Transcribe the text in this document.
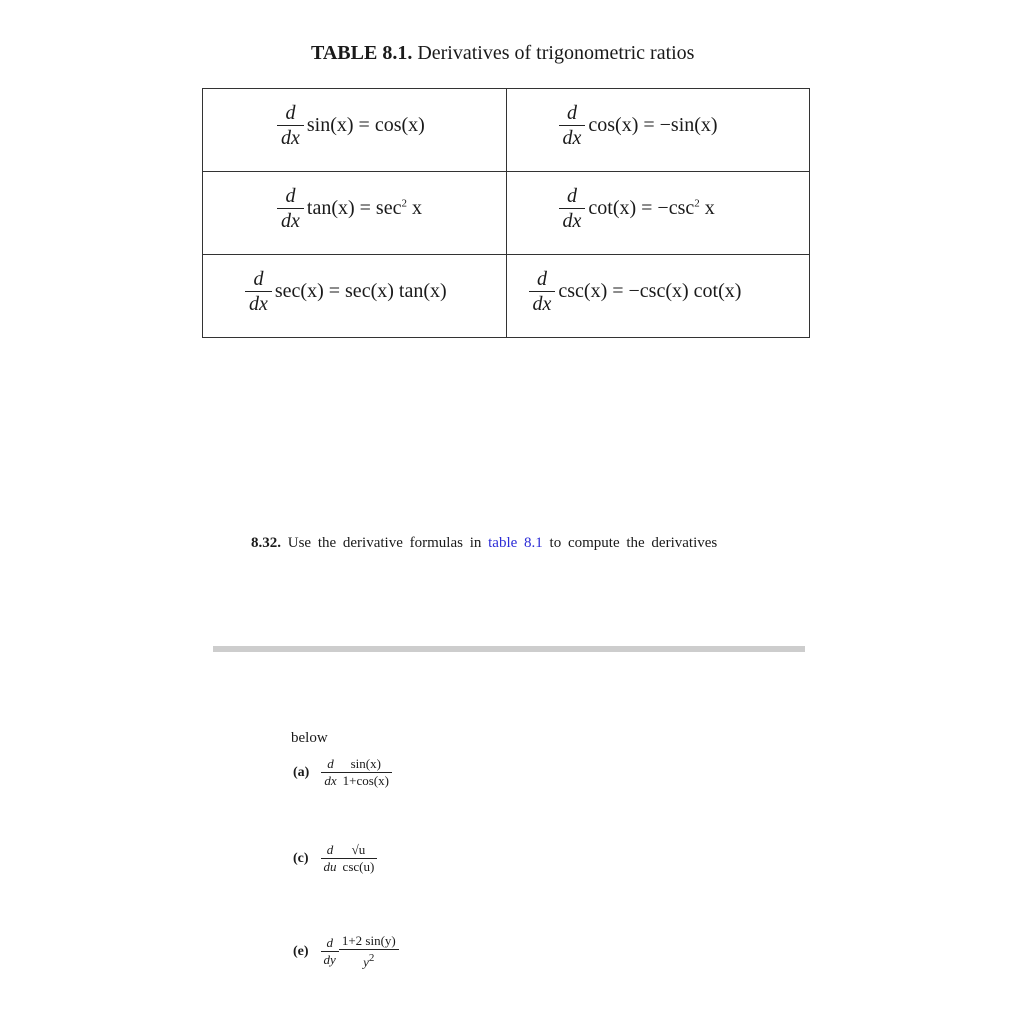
TABLE 8.1. Derivatives of trigonometric ratios
$\frac{d}{dx} \sin(x) = \cos(x)$	$\frac{d}{dx} \cos(x) = -\sin(x)$

$\frac{d}{dx} \tan(x) = \sec^2 x$	$\frac{d}{dx} \cot(x) = -\csc^2$ x

$\frac{d}{dx} \sec(x) = \sec(x)$ tan(x)	$\frac{d}{dx} \csc(x) = -\csc(x)$ cot(x)
8.32. Use the derivative formulas in table 8.1 to compute the derivatives
below
(a)
d
dx
sin(x)
1+cos(x)
(c)
d
du
√u
csc(u)
(e)
d
dy
1+2 sin(y)
$y^2$
